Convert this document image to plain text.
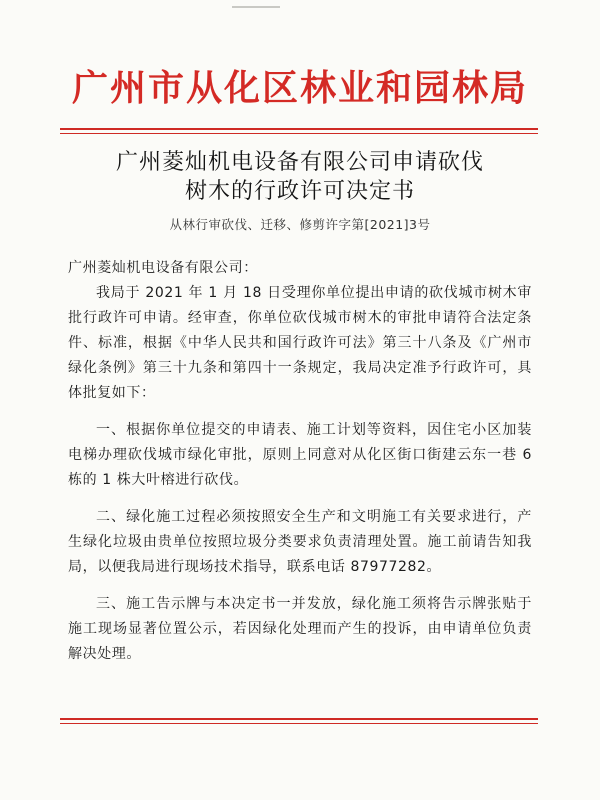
广州市从化区林业和园林局
广州菱灿机电设备有限公司申请砍伐
树木的行政许可决定书
从林行审砍伐、迁移、修剪许字第[2021]3号

广州菱灿机电设备有限公司：

我局于 2021 年 1 月 18 日受理你单位提出申请的砍伐城市树木审批行政许可申请。经审查，你单位砍伐城市树木的审批申请符合法定条件、标准，根据《中华人民共和国行政许可法》第三十八条及《广州市绿化条例》第三十九条和第四十一条规定，我局决定准予行政许可，具体批复如下：

一、根据你单位提交的申请表、施工计划等资料，因住宅小区加装电梯办理砍伐城市绿化审批，原则上同意对从化区街口街建云东一巷 6 栋的 1 株大叶榕进行砍伐。

二、绿化施工过程必须按照安全生产和文明施工有关要求进行，产生绿化垃圾由贵单位按照垃圾分类要求负责清理处置。施工前请告知我局，以便我局进行现场技术指导，联系电话 87977282。

三、施工告示牌与本决定书一并发放，绿化施工须将告示牌张贴于施工现场显著位置公示，若因绿化处理而产生的投诉，由申请单位负责解决处理。
